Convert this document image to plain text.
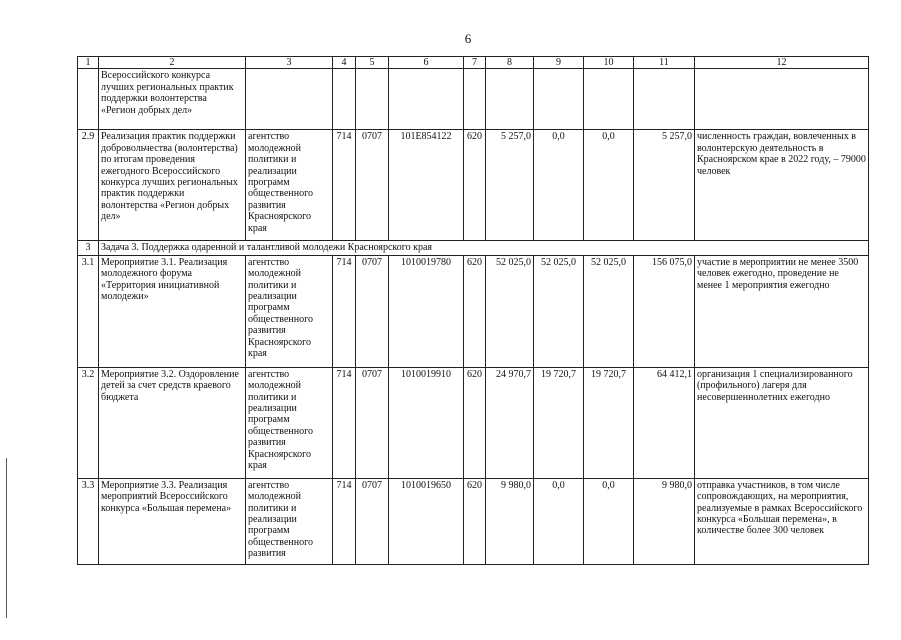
6
1	2	3	4	5	6	7	8	9	10	11	12
	Всероссийского конкурса лучших региональных практик поддержки волонтерства «Регион добрых дел»										
2.9	Реализация практик поддержки добровольчества (волонтерства) по итогам проведения ежегодного Всероссийского конкурса лучших региональных практик поддержки волонтерства «Регион добрых дел»	агентство молодежной политики и реализации программ общественного развития Красноярского края	714	0707	101E854122	620	5 257,0	0,0	0,0	5 257,0	численность граждан, вовлеченных в волонтерскую деятельность в Красноярском крае в 2022 году, – 79000 человек
3	Задача 3. Поддержка одаренной и талантливой молодежи Красноярского края										
3.1	Мероприятие 3.1. Реализация молодежного форума «Территория инициативной молодежи»	агентство молодежной политики и реализации программ общественного развития Красноярского края	714	0707	1010019780	620	52 025,0	52 025,0	52 025,0	156 075,0	участие в мероприятии не менее 3500 человек ежегодно, проведение не менее 1 мероприятия ежегодно
3.2	Мероприятие 3.2. Оздоровление детей за счет средств краевого бюджета	агентство молодежной политики и реализации программ общественного развития Красноярского края	714	0707	1010019910	620	24 970,7	19 720,7	19 720,7	64 412,1	организация 1 специализированного (профильного) лагеря для несовершеннолетних ежегодно
3.3	Мероприятие 3.3. Реализация мероприятий Всероссийского конкурса «Большая перемена»	агентство молодежной политики и реализации программ общественного развития	714	0707	1010019650	620	9 980,0	0,0	0,0	9 980,0	отправка участников, в том числе сопровождающих, на мероприятия, реализуемые в рамках Всероссийского конкурса «Большая перемена», в количестве более 300 человек
